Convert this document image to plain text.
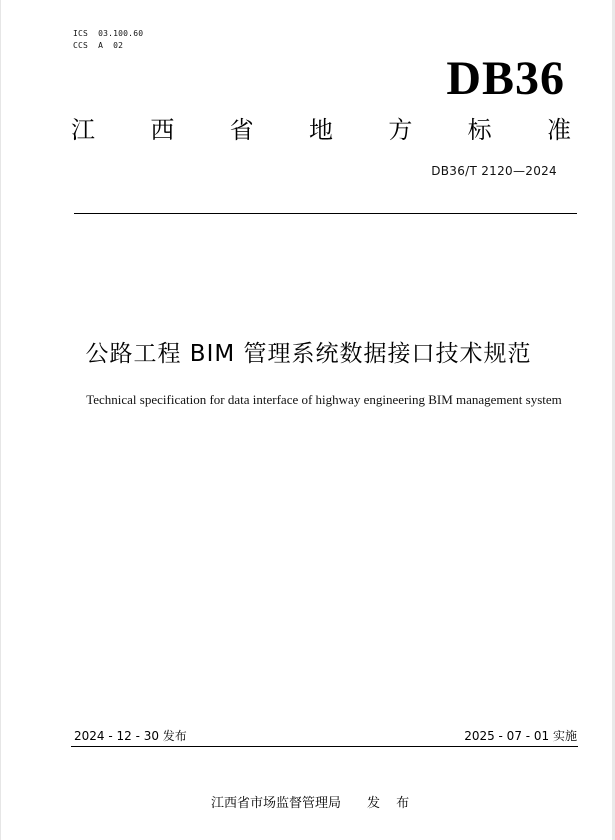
ICS  03.100.60
CCS  A  02
DB36
江 西 省 地 方 标 准
DB36/T 2120—2024
公路工程 BIM 管理系统数据接口技术规范
Technical specification for data interface of highway engineering BIM management system
2024 - 12 - 30 发布	2025 - 07 - 01 实施
江西省市场监督管理局 发 布
